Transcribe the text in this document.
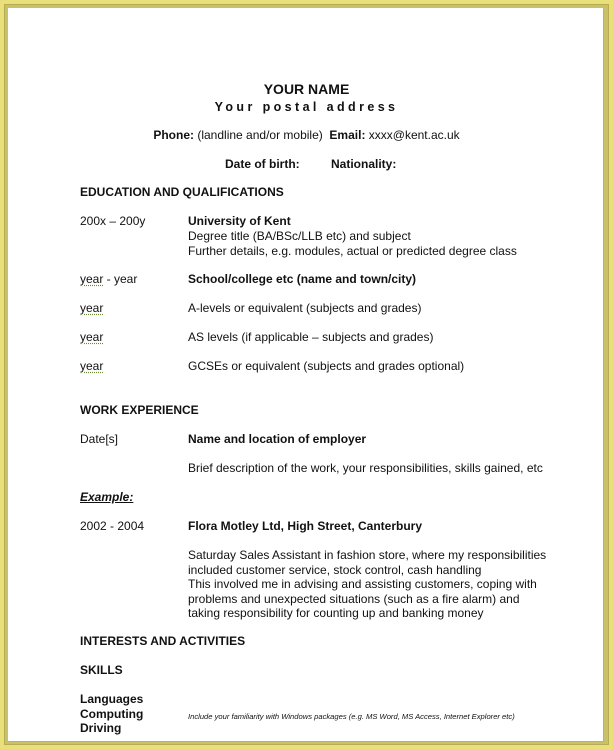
YOUR NAME
Your postal address
Phone: (landline and/or mobile) Email: xxxx@kent.ac.uk
Date of birth:	Nationality:
EDUCATION AND QUALIFICATIONS
200x – 200y	University of Kent
Degree title (BA/BSc/LLB etc) and subject
Further details, e.g. modules, actual or predicted degree class
year - year	School/college etc (name and town/city)
year	A-levels or equivalent (subjects and grades)
year	AS levels (if applicable – subjects and grades)
year	GCSEs or equivalent (subjects and grades optional)
WORK EXPERIENCE
Date[s]	Name and location of employer
Brief description of the work, your responsibilities, skills gained, etc
Example:
2002 - 2004	Flora Motley Ltd, High Street, Canterbury
Saturday Sales Assistant in fashion store, where my responsibilities
included customer service, stock control, cash handling
This involved me in advising and assisting customers, coping with
problems and unexpected situations (such as a fire alarm) and
taking responsibility for counting up and banking money
INTERESTS AND ACTIVITIES
SKILLS
Languages
Computing	Include your familiarity with Windows packages (e.g. MS Word, MS Access, Internet Explorer etc)
Driving
